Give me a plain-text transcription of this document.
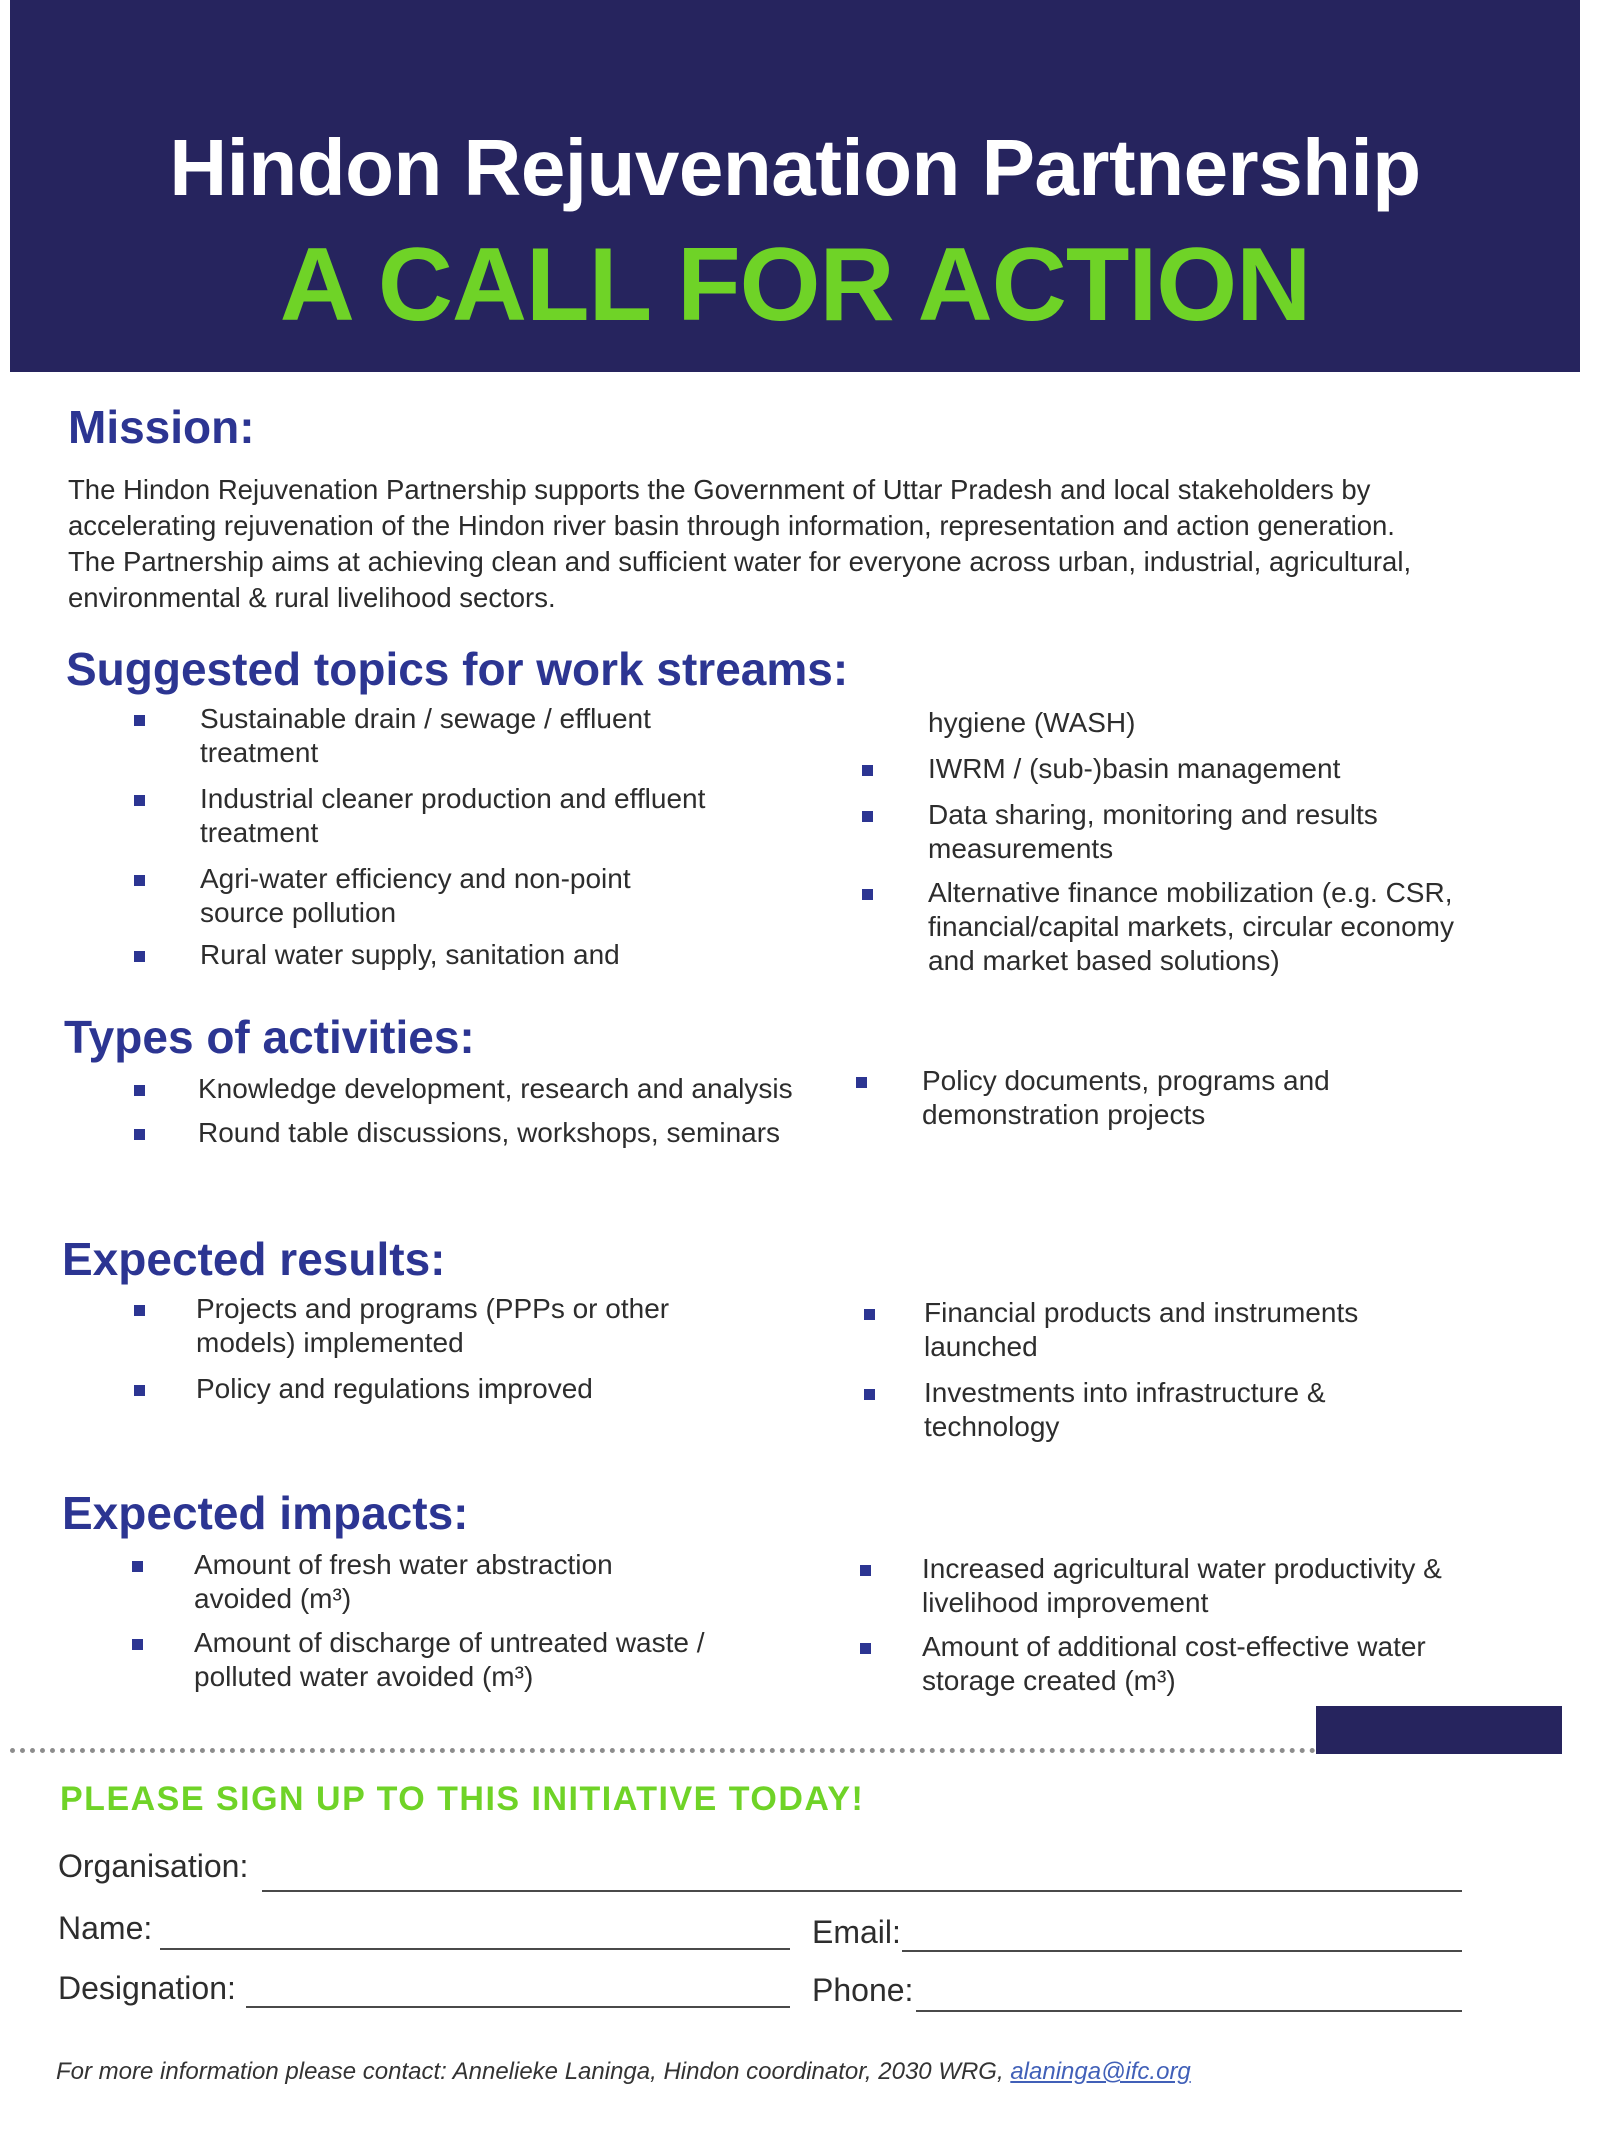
Hindon Rejuvenation Partnership
A CALL FOR ACTION
Mission:
The Hindon Rejuvenation Partnership supports the Government of Uttar Pradesh and local stakeholders by accelerating rejuvenation of the Hindon river basin through information, representation and action generation. The Partnership aims at achieving clean and sufficient water for everyone across urban, industrial, agricultural, environmental & rural livelihood sectors.
Suggested topics for work streams:
Sustainable drain / sewage / effluent treatment
Industrial cleaner production and effluent treatment
Agri-water efficiency and non-point source pollution
Rural water supply, sanitation and
hygiene (WASH)
IWRM / (sub-)basin management
Data sharing, monitoring and results measurements
Alternative finance mobilization (e.g. CSR, financial/capital markets, circular economy and market based solutions)
Types of activities:
Knowledge development, research and analysis
Round table discussions, workshops, seminars
Policy documents, programs and demonstration projects
Expected results:
Projects and programs (PPPs or other models) implemented
Policy and regulations improved
Financial products and instruments launched
Investments into infrastructure & technology
Expected impacts:
Amount of fresh water abstraction avoided (m³)
Amount of discharge of untreated waste / polluted water avoided (m³)
Increased agricultural water productivity & livelihood improvement
Amount of additional cost-effective water storage created (m³)
PLEASE SIGN UP TO THIS INITIATIVE TODAY!
Organisation:
Name:	Email:
Designation:	Phone:
For more information please contact: Annelieke Laninga, Hindon coordinator, 2030 WRG, alaninga@ifc.org
